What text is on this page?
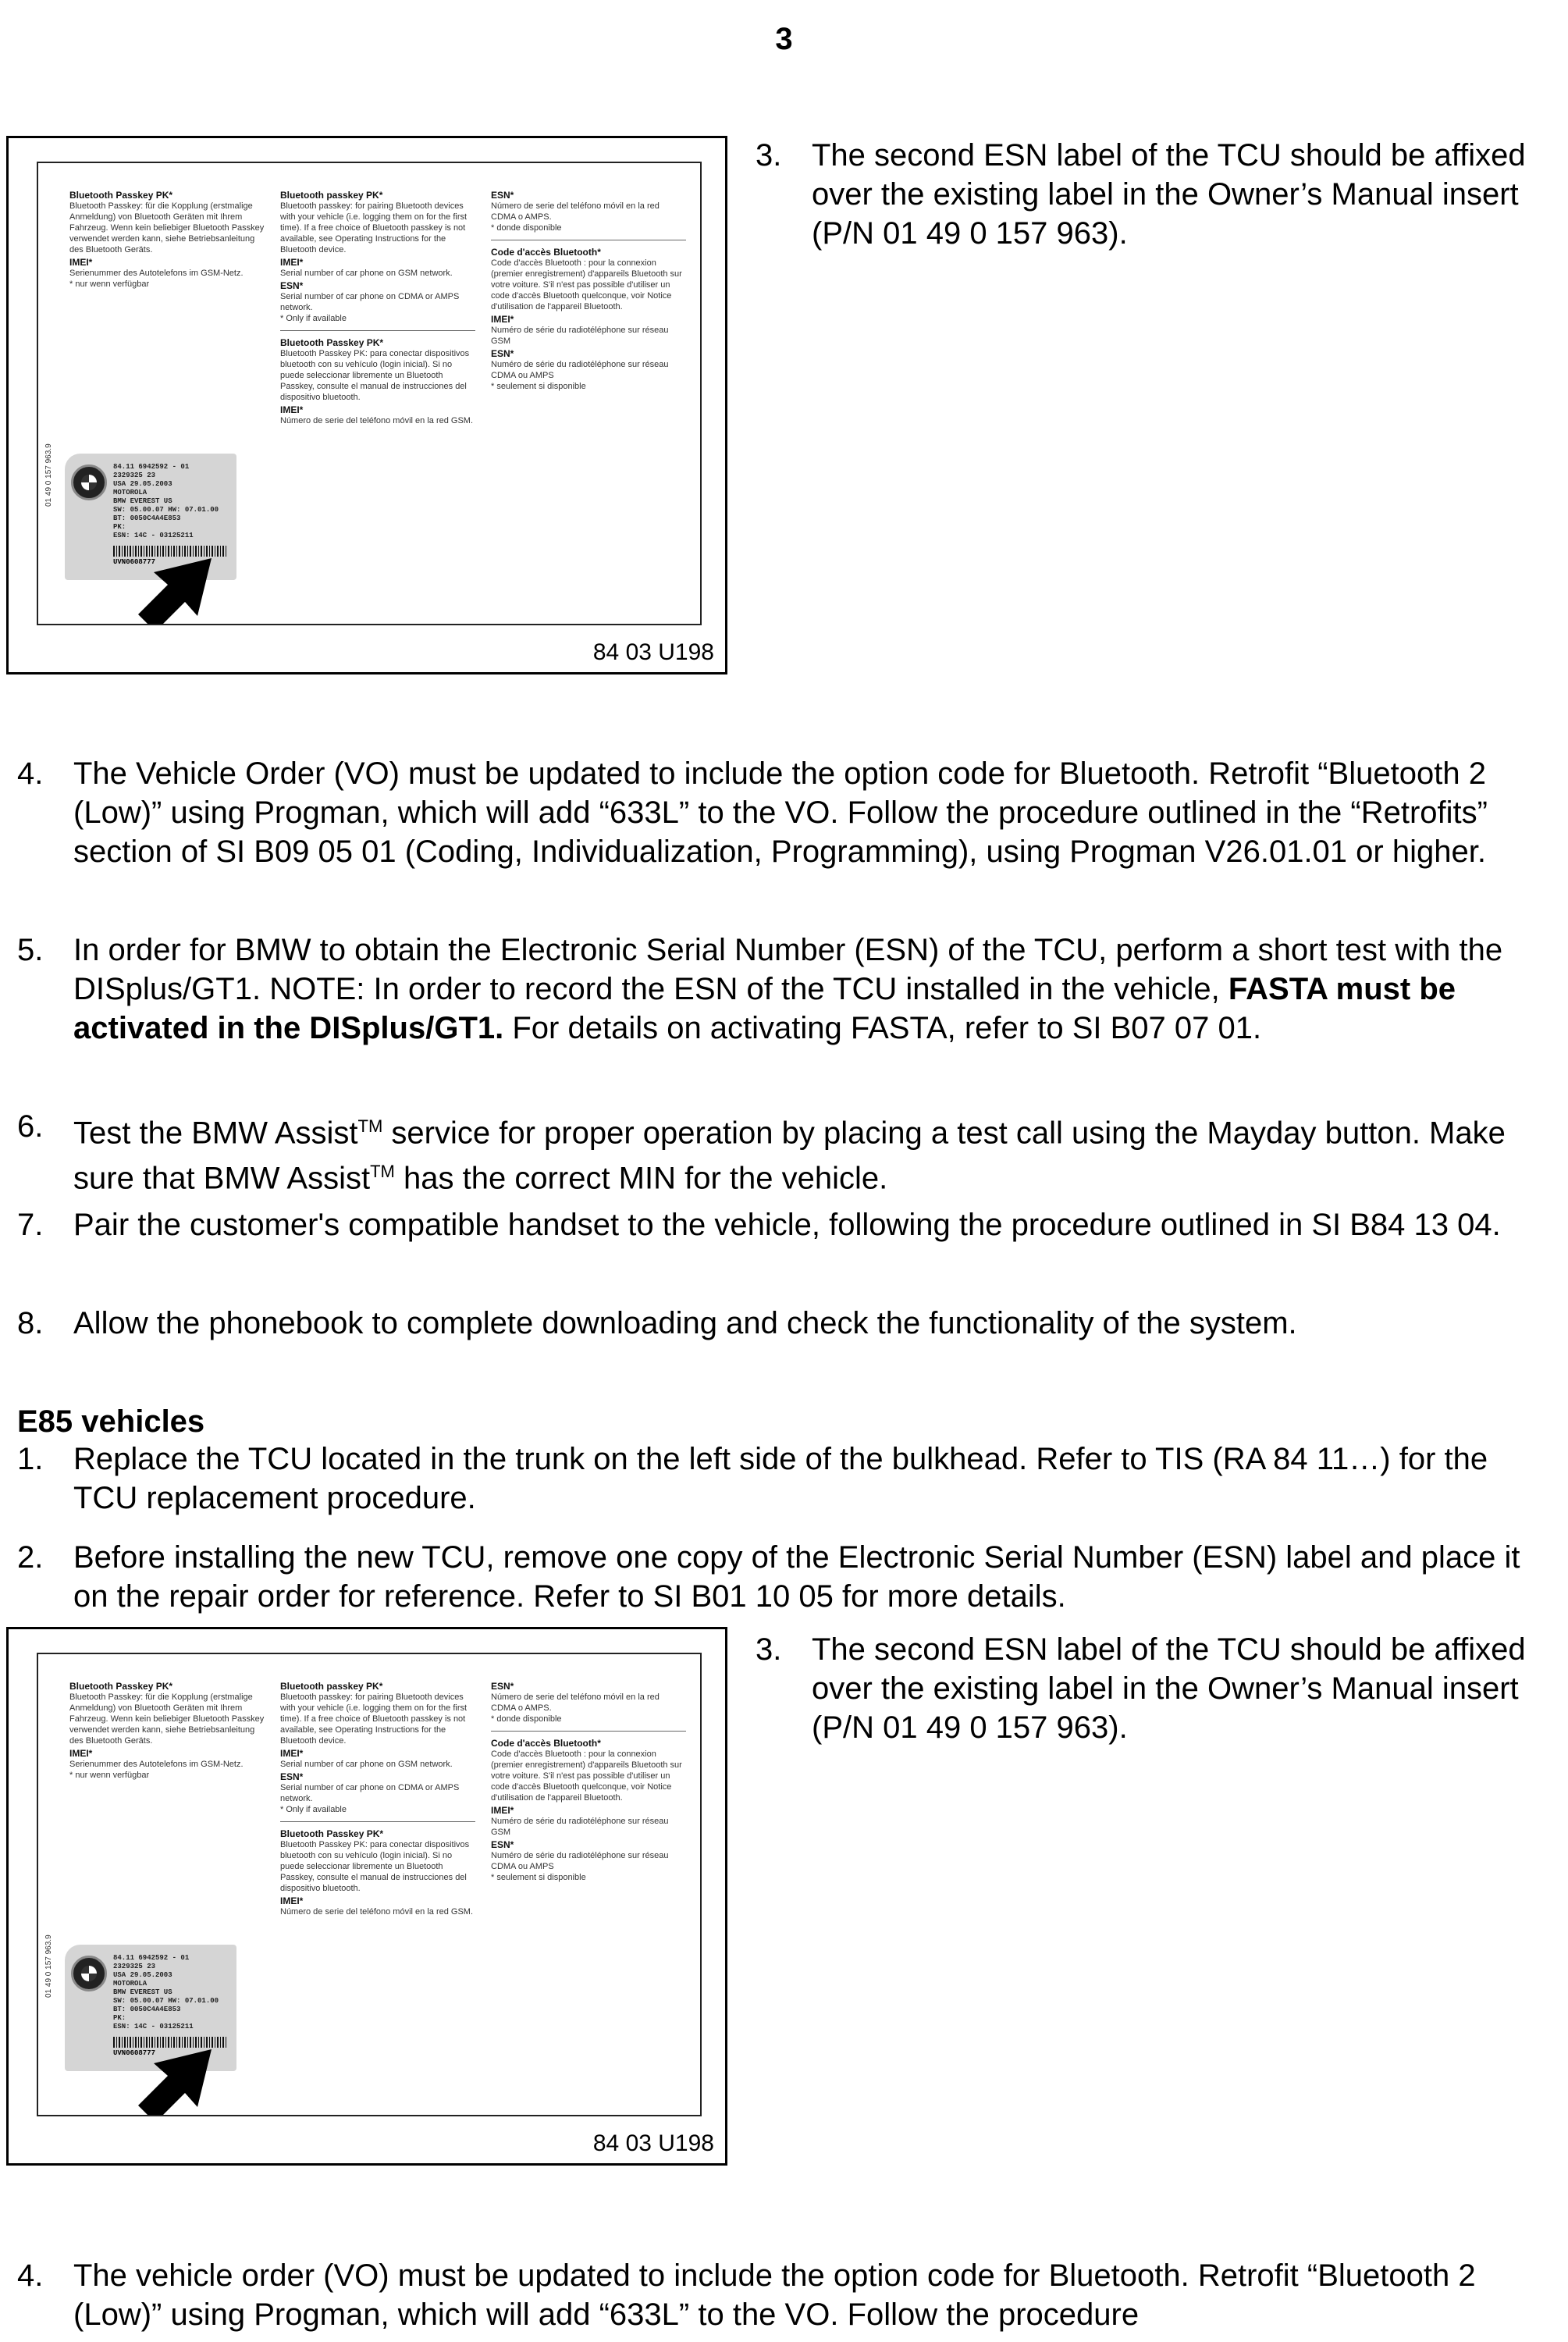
3
01 49 0 157 963.9
Bluetooth Passkey PK*
Bluetooth Passkey: für die Kopplung (erstmalige Anmeldung) von Bluetooth Geräten mit Ihrem Fahrzeug. Wenn kein beliebiger Bluetooth Passkey verwendet werden kann, siehe Betriebsanleitung des Bluetooth Geräts.
IMEI*
Serienummer des Autotelefons im GSM-Netz.
* nur wenn verfügbar
Bluetooth passkey PK*
Bluetooth passkey: for pairing Bluetooth devices with your vehicle (i.e. logging them on for the first time). If a free choice of Bluetooth passkey is not available, see Operating Instructions for the Bluetooth device.
IMEI*
Serial number of car phone on GSM network.
ESN*
Serial number of car phone on CDMA or AMPS network.
* Only if available
Bluetooth Passkey PK*
Bluetooth Passkey PK: para conectar dispositivos bluetooth con su vehículo (login inicial). Si no puede seleccionar libremente un Bluetooth Passkey, consulte el manual de instrucciones del dispositivo bluetooth.
IMEI*
Número de serie del teléfono móvil en la red GSM.
ESN*
Número de serie del teléfono móvil en la red CDMA o AMPS.
* donde disponible
Code d'accès Bluetooth*
Code d'accès Bluetooth : pour la connexion (premier enregistrement) d'appareils Bluetooth sur votre voiture. S'il n'est pas possible d'utiliser un code d'accès Bluetooth quelconque, voir Notice d'utilisation de l'appareil Bluetooth.
IMEI*
Numéro de série du radiotéléphone sur réseau GSM
ESN*
Numéro de série du radiotéléphone sur réseau CDMA ou AMPS
* seulement si disponible
84.11 6942592 - 01
2329325 23
USA 29.05.2003
MOTOROLA
BMW EVEREST US
SW: 05.00.07 HW: 07.01.00
BT: 0050C4A4E853
PK:
ESN: 14C - 03125211
UVN0608777
84 03 U198
3. The second ESN label of the TCU should be affixed over the existing label in the Owner’s Manual insert (P/N 01 49 0 157 963).
4. The Vehicle Order (VO) must be updated to include the option code for Bluetooth. Retrofit “Bluetooth 2 (Low)” using Progman, which will add “633L” to the VO. Follow the procedure outlined in the “Retrofits” section of SI B09 05 01 (Coding, Individualization, Programming), using Progman V26.01.01 or higher.
5. In order for BMW to obtain the Electronic Serial Number (ESN) of the TCU, perform a short test with the DISplus/GT1. NOTE: In order to record the ESN of the TCU installed in the vehicle, FASTA must be activated in the DISplus/GT1. For details on activating FASTA, refer to SI B07 07 01.
6. Test the BMW Assist™ service for proper operation by placing a test call using the Mayday button. Make sure that BMW Assist™ has the correct MIN for the vehicle.
7. Pair the customer's compatible handset to the vehicle, following the procedure outlined in SI B84 13 04.
8. Allow the phonebook to complete downloading and check the functionality of the system.
E85 vehicles
1. Replace the TCU located in the trunk on the left side of the bulkhead. Refer to TIS (RA 84 11…) for the TCU replacement procedure.
2. Before installing the new TCU, remove one copy of the Electronic Serial Number (ESN) label and place it on the repair order for reference. Refer to SI B01 10 05 for more details.
01 49 0 157 963.9
Bluetooth Passkey PK*
Bluetooth Passkey: für die Kopplung (erstmalige Anmeldung) von Bluetooth Geräten mit Ihrem Fahrzeug. Wenn kein beliebiger Bluetooth Passkey verwendet werden kann, siehe Betriebsanleitung des Bluetooth Geräts.
IMEI*
Serienummer des Autotelefons im GSM-Netz.
* nur wenn verfügbar
Bluetooth passkey PK*
Bluetooth passkey: for pairing Bluetooth devices with your vehicle (i.e. logging them on for the first time). If a free choice of Bluetooth passkey is not available, see Operating Instructions for the Bluetooth device.
IMEI*
Serial number of car phone on GSM network.
ESN*
Serial number of car phone on CDMA or AMPS network.
* Only if available
Bluetooth Passkey PK*
Bluetooth Passkey PK: para conectar dispositivos bluetooth con su vehículo (login inicial). Si no puede seleccionar libremente un Bluetooth Passkey, consulte el manual de instrucciones del dispositivo bluetooth.
IMEI*
Número de serie del teléfono móvil en la red GSM.
ESN*
Número de serie del teléfono móvil en la red CDMA o AMPS.
* donde disponible
Code d'accès Bluetooth*
Code d'accès Bluetooth : pour la connexion (premier enregistrement) d'appareils Bluetooth sur votre voiture. S'il n'est pas possible d'utiliser un code d'accès Bluetooth quelconque, voir Notice d'utilisation de l'appareil Bluetooth.
IMEI*
Numéro de série du radiotéléphone sur réseau GSM
ESN*
Numéro de série du radiotéléphone sur réseau CDMA ou AMPS
* seulement si disponible
84.11 6942592 - 01
2329325 23
USA 29.05.2003
MOTOROLA
BMW EVEREST US
SW: 05.00.07 HW: 07.01.00
BT: 0050C4A4E853
PK:
ESN: 14C - 03125211
UVN0608777
84 03 U198
3. The second ESN label of the TCU should be affixed over the existing label in the Owner’s Manual insert (P/N 01 49 0 157 963).
4. The vehicle order (VO) must be updated to include the option code for Bluetooth. Retrofit “Bluetooth 2 (Low)” using Progman, which will add “633L” to the VO. Follow the procedure
